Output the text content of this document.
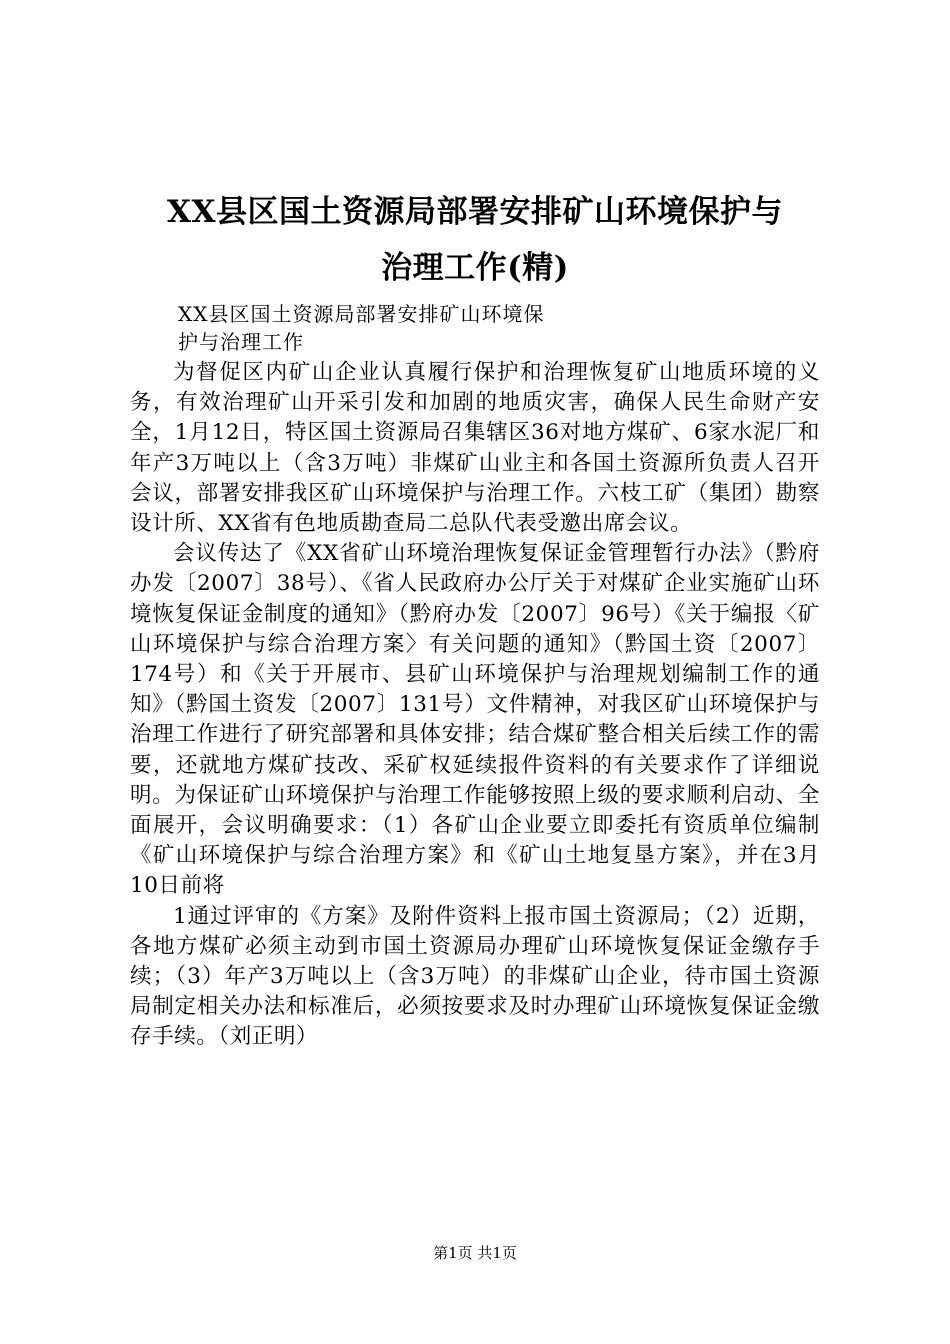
XX县区国土资源局部署安排矿山环境保护与
治理工作(精)
XX县区国土资源局部署安排矿山环境保
护与治理工作

为督促区内矿山企业认真履行保护和治理恢复矿山地质环境的义务，有效治理矿山开采引发和加剧的地质灾害，确保人民生命财产安全，1月12日，特区国土资源局召集辖区36对地方煤矿、6家水泥厂和年产3万吨以上（含3万吨）非煤矿山业主和各国土资源所负责人召开会议，部署安排我区矿山环境保护与治理工作。六枝工矿（集团）勘察设计所、XX省有色地质勘查局二总队代表受邀出席会议。

会议传达了《XX省矿山环境治理恢复保证金管理暂行办法》（黔府办发〔2007〕38号）、《省人民政府办公厅关于对煤矿企业实施矿山环境恢复保证金制度的通知》（黔府办发〔2007〕96号）《关于编报〈矿山环境保护与综合治理方案〉有关问题的通知》（黔国土资〔2007〕174号）和《关于开展市、县矿山环境保护与治理规划编制工作的通知》（黔国土资发〔2007〕131号）文件精神，对我区矿山环境保护与治理工作进行了研究部署和具体安排；结合煤矿整合相关后续工作的需要，还就地方煤矿技改、采矿权延续报件资料的有关要求作了详细说明。为保证矿山环境保护与治理工作能够按照上级的要求顺利启动、全面展开，会议明确要求：（1）各矿山企业要立即委托有资质单位编制《矿山环境保护与综合治理方案》和《矿山土地复垦方案》，并在3月10日前将

1通过评审的《方案》及附件资料上报市国土资源局；（2）近期，各地方煤矿必须主动到市国土资源局办理矿山环境恢复保证金缴存手续；（3）年产3万吨以上（含3万吨）的非煤矿山企业，待市国土资源局制定相关办法和标准后，必须按要求及时办理矿山环境恢复保证金缴存手续。（刘正明）

第1页 共1页
